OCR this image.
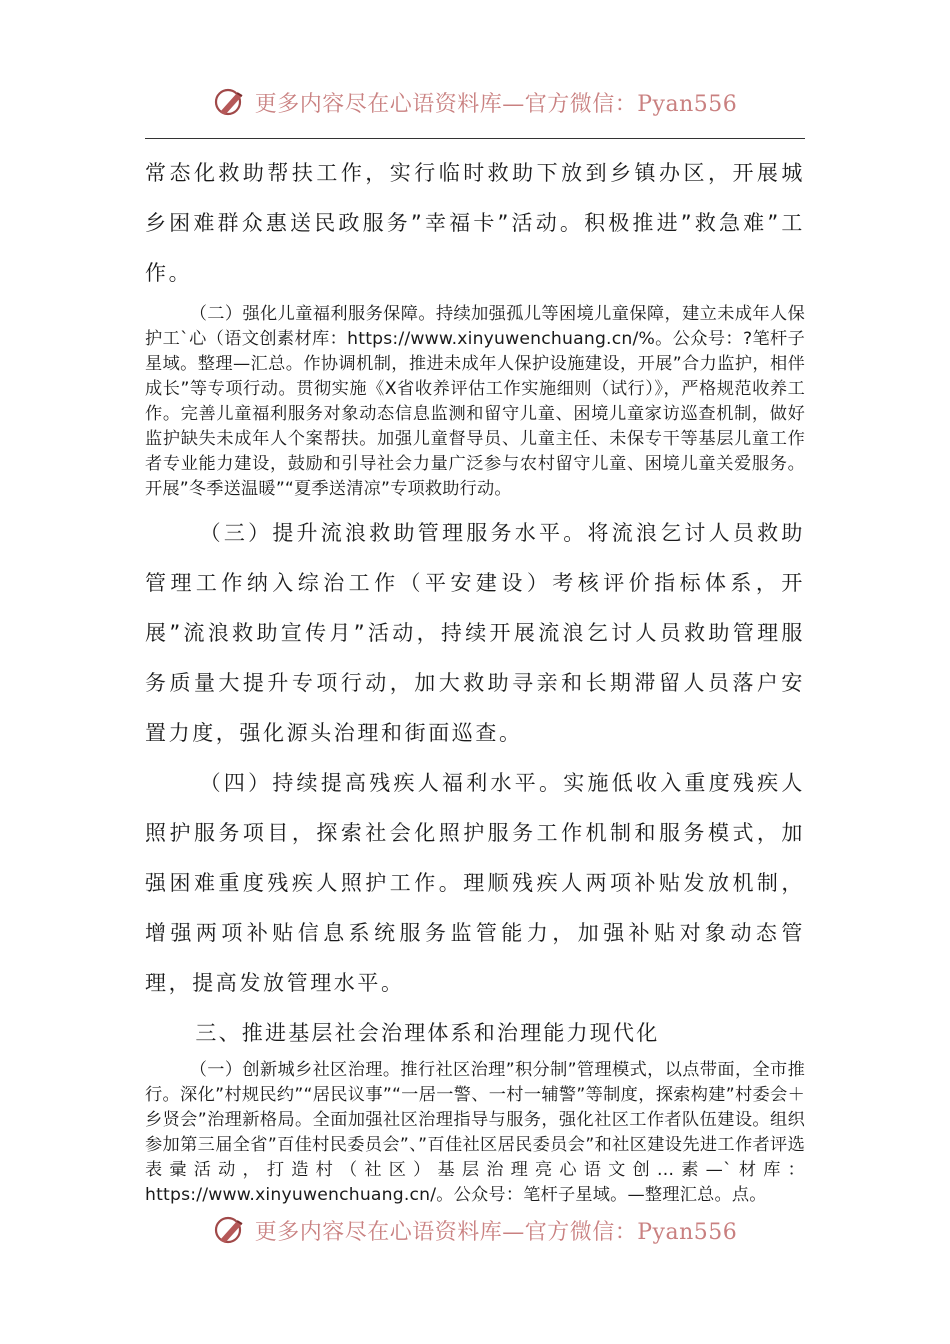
更多内容尽在心语资料库—官方微信：Pyan556

常态化救助帮扶工作，实行临时救助下放到乡镇办区，开展城乡困难群众惠送民政服务”幸福卡”活动。积极推进”救急难”工作。

（二）强化儿童福利服务保障。持续加强孤儿等困境儿童保障，建立未成年人保护工`心（语文创素材库：https://www.xinyuwenchuang.cn/%。公众号：?笔杆子星域。整理—汇总。作协调机制，推进未成年人保护设施建设，开展”合力监护，相伴成长”等专项行动。贯彻实施《X省收养评估工作实施细则（试行）》，严格规范收养工作。完善儿童福利服务对象动态信息监测和留守儿童、困境儿童家访巡查机制，做好监护缺失未成年人个案帮扶。加强儿童督导员、儿童主任、未保专干等基层儿童工作者专业能力建设，鼓励和引导社会力量广泛参与农村留守儿童、困境儿童关爱服务。开展”冬季送温暖”“夏季送清凉”专项救助行动。

（三）提升流浪救助管理服务水平。将流浪乞讨人员救助管理工作纳入综治工作（平安建设）考核评价指标体系，开展”流浪救助宣传月”活动，持续开展流浪乞讨人员救助管理服务质量大提升专项行动，加大救助寻亲和长期滞留人员落户安置力度，强化源头治理和街面巡查。

（四）持续提高残疾人福利水平。实施低收入重度残疾人照护服务项目，探索社会化照护服务工作机制和服务模式，加强困难重度残疾人照护工作。理顺残疾人两项补贴发放机制，增强两项补贴信息系统服务监管能力，加强补贴对象动态管理，提高发放管理水平。

三、推进基层社会治理体系和治理能力现代化

（一）创新城乡社区治理。推行社区治理”积分制”管理模式，以点带面，全市推行。深化”村规民约”“居民议事”“一居一警、一村一辅警”等制度，探索构建”村委会＋乡贤会”治理新格局。全面加强社区治理指导与服务，强化社区工作者队伍建设。组织参加第三届全省”百佳村民委员会”、”百佳社区居民委员会”和社区建设先进工作者评选表彚活动，打造村（社区）基层治理亮心语文创…素—`材库：https://www.xinyuwenchuang.cn/。公众号：笔杆子星域。—整理汇总。点。

更多内容尽在心语资料库—官方微信：Pyan556
